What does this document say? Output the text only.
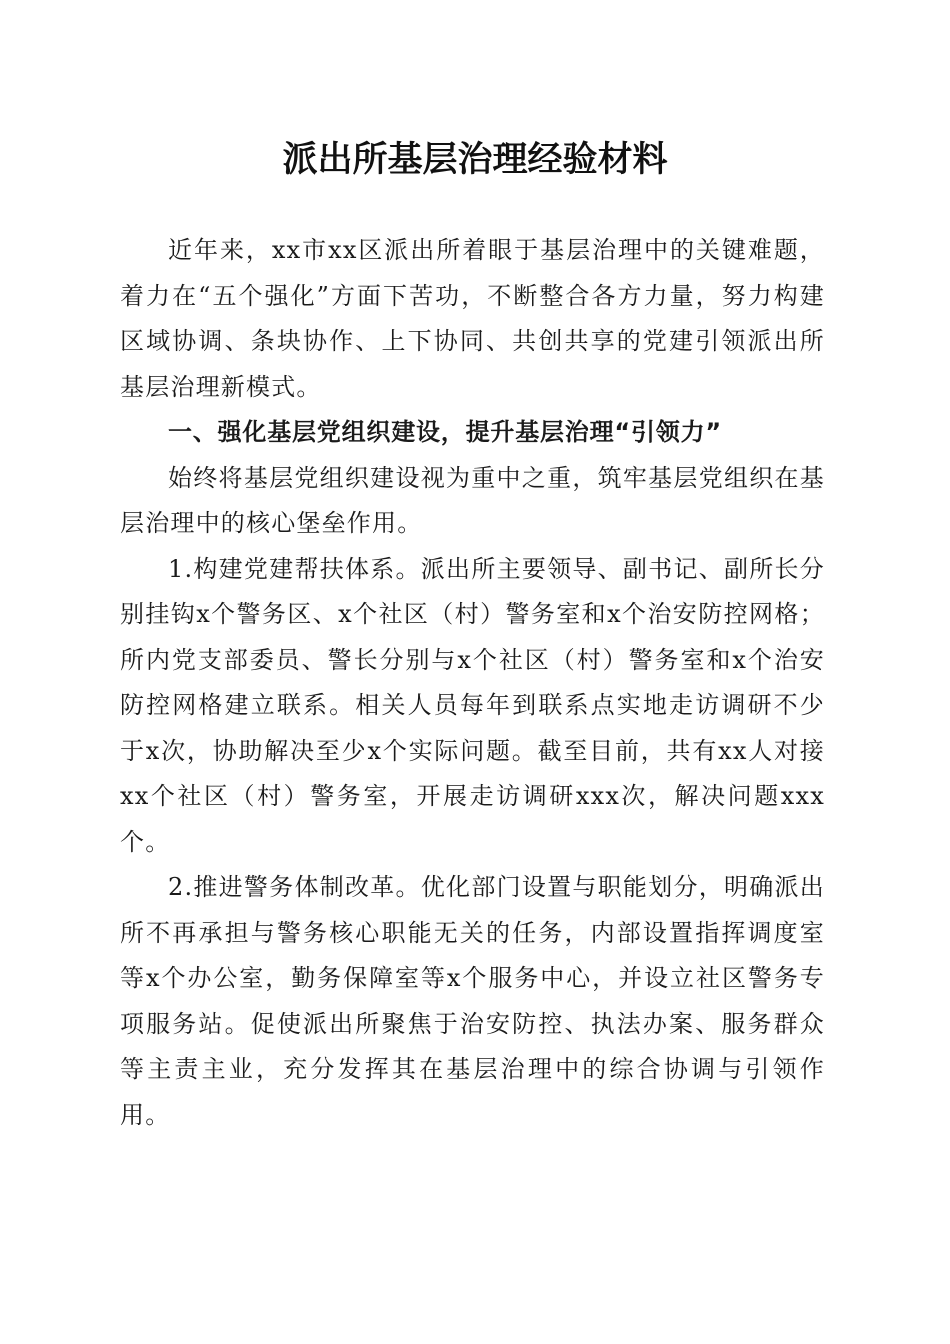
派出所基层治理经验材料

近年来，xx市xx区派出所着眼于基层治理中的关键难题，着力在“五个强化”方面下苦功，不断整合各方力量，努力构建区域协调、条块协作、上下协同、共创共享的党建引领派出所基层治理新模式。

一、强化基层党组织建设，提升基层治理“引领力”

始终将基层党组织建设视为重中之重，筑牢基层党组织在基层治理中的核心堡垒作用。

1.构建党建帮扶体系。派出所主要领导、副书记、副所长分别挂钩x个警务区、x个社区（村）警务室和x个治安防控网格；所内党支部委员、警长分别与x个社区（村）警务室和x个治安防控网格建立联系。相关人员每年到联系点实地走访调研不少于x次，协助解决至少x个实际问题。截至目前，共有xx人对接xx个社区（村）警务室，开展走访调研xxx次，解决问题xxx个。

2.推进警务体制改革。优化部门设置与职能划分，明确派出所不再承担与警务核心职能无关的任务，内部设置指挥调度室等x个办公室，勤务保障室等x个服务中心，并设立社区警务专项服务站。促使派出所聚焦于治安防控、执法办案、服务群众等主责主业，充分发挥其在基层治理中的综合协调与引领作用。
